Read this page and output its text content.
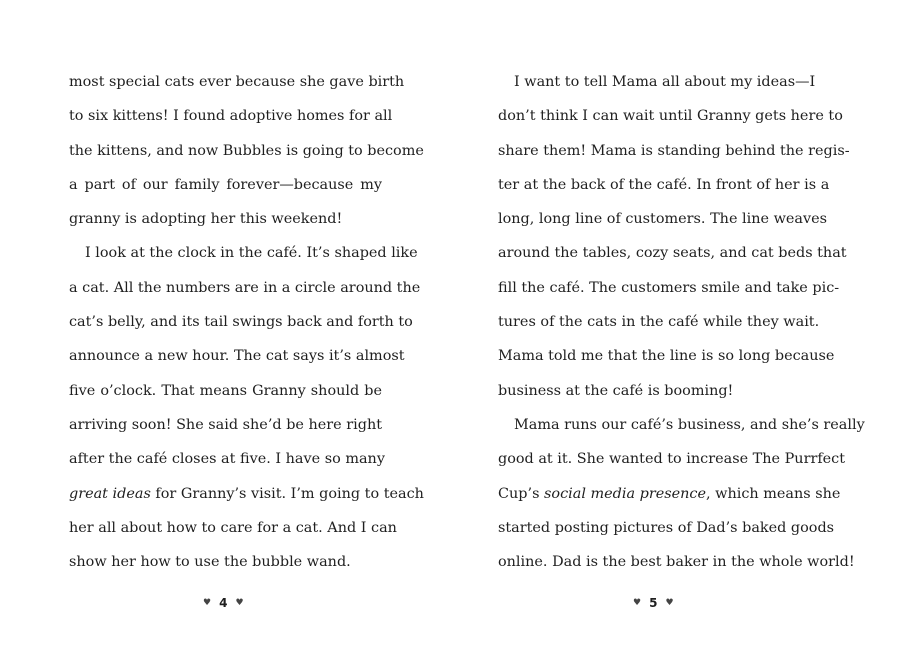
most special cats ever because she gave birth
to six kittens! I found adoptive homes for all
the kittens, and now Bubbles is going to become
a part of our family forever—because my
granny is adopting her this weekend!
I look at the clock in the café. It’s shaped like
a cat. All the numbers are in a circle around the
cat’s belly, and its tail swings back and forth to
announce a new hour. The cat says it’s almost
five o’clock. That means Granny should be
arriving soon! She said she’d be here right
after the café closes at five. I have so many
great ideas for Granny’s visit. I’m going to teach
her all about how to care for a cat. And I can
show her how to use the bubble wand.
I want to tell Mama all about my ideas—I
don’t think I can wait until Granny gets here to
share them! Mama is standing behind the regis-
ter at the back of the café. In front of her is a
long, long line of customers. The line weaves
around the tables, cozy seats, and cat beds that
fill the café. The customers smile and take pic-
tures of the cats in the café while they wait.
Mama told me that the line is so long because
business at the café is booming!
Mama runs our café’s business, and she’s really
good at it. She wanted to increase The Purrfect
Cup’s social media presence, which means she
started posting pictures of Dad’s baked goods
online. Dad is the best baker in the whole world!
♥ 4 ♥	♥ 5 ♥
